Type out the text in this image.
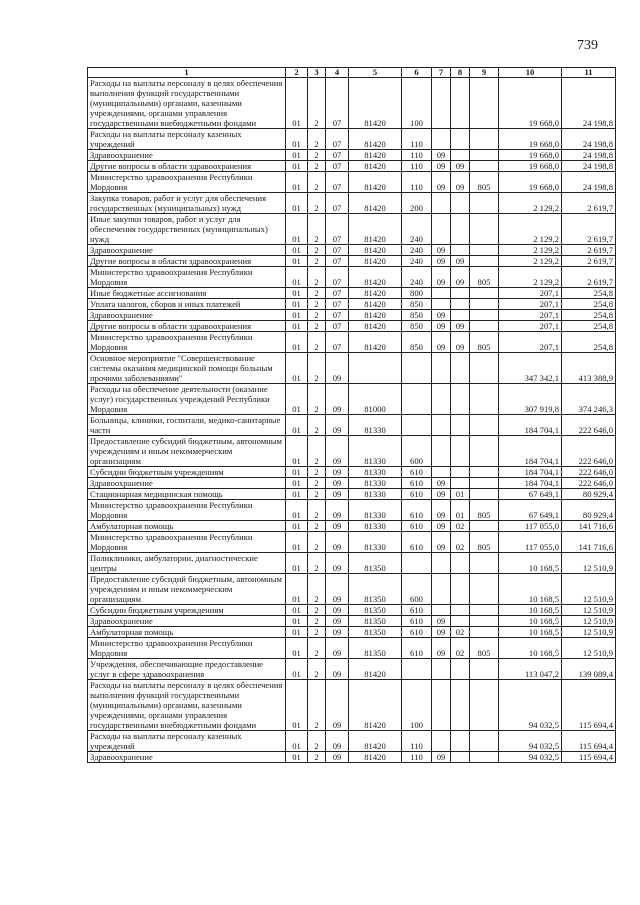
739
1	2	3	4	5	6	7	8	9	10	11
Расходы на выплаты персоналу в целях обеспечения выполнения функций государственными (муниципальными) органами, казенными учреждениями, органами управления государственными внебюджетными фондами	01	2	07	81420	100				19 668,0	24 198,8
Расходы на выплаты персоналу казенных учреждений	01	2	07	81420	110				19 668,0	24 198,8
Здравоохранение	01	2	07	81420	110	09			19 668,0	24 198,8
Другие вопросы в области здравоохранения	01	2	07	81420	110	09	09		19 668,0	24 198,8
Министерство здравоохранения Республики Мордовия	01	2	07	81420	110	09	09	805	19 668,0	24 198,8
Закупка товаров, работ и услуг для обеспечения государственных (муниципальных) нужд	01	2	07	81420	200				2 129,2	2 619,7
Иные закупки товаров, работ и услуг для обеспечения государственных (муниципальных) нужд	01	2	07	81420	240				2 129,2	2 619,7
Здравоохранение	01	2	07	81420	240	09			2 129,2	2 619,7
Другие вопросы в области здравоохранения	01	2	07	81420	240	09	09		2 129,2	2 619,7
Министерство здравоохранения Республики Мордовия	01	2	07	81420	240	09	09	805	2 129,2	2 619,7
Иные бюджетные ассигнования	01	2	07	81420	800				207,1	254,8
Уплата налогов, сборов и иных платежей	01	2	07	81420	850				207,1	254,8
Здравоохранение	01	2	07	81420	850	09			207,1	254,8
Другие вопросы в области здравоохранения	01	2	07	81420	850	09	09		207,1	254,8
Министерство здравоохранения Республики Мордовия	01	2	07	81420	850	09	09	805	207,1	254,8
Основное мероприятие "Совершенствование системы оказания медицинской помощи больным прочими заболеваниями"	01	2	09						347 342,1	413 388,9
Расходы на обеспечение деятельности (оказание услуг) государственных учреждений Республики Мордовия	01	2	09	81000					307 919,8	374 246,3
Больницы, клиники, госпитали, медико-санитарные части	01	2	09	81330					184 704,1	222 646,0
Предоставление субсидий бюджетным, автономным учреждениям и иным некоммерческим организациям	01	2	09	81330	600				184 704,1	222 646,0
Субсидии бюджетным учреждениям	01	2	09	81330	610				184 704,1	222 646,0
Здравоохранение	01	2	09	81330	610	09			184 704,1	222 646,0
Стационарная медицинская помощь	01	2	09	81330	610	09	01		67 649,1	80 929,4
Министерство здравоохранения Республики Мордовия	01	2	09	81330	610	09	01	805	67 649,1	80 929,4
Амбулаторная помощь	01	2	09	81330	610	09	02		117 055,0	141 716,6
Министерство здравоохранения Республики Мордовия	01	2	09	81330	610	09	02	805	117 055,0	141 716,6
Поликлиники, амбулатории, диагностические центры	01	2	09	81350					10 168,5	12 510,9
Предоставление субсидий бюджетным, автономным учреждениям и иным некоммерческим организациям	01	2	09	81350	600				10 168,5	12 510,9
Субсидии бюджетным учреждениям	01	2	09	81350	610				10 168,5	12 510,9
Здравоохранение	01	2	09	81350	610	09			10 168,5	12 510,9
Амбулаторная помощь	01	2	09	81350	610	09	02		10 168,5	12 510,9
Министерство здравоохранения Республики Мордовия	01	2	09	81350	610	09	02	805	10 168,5	12 510,9
Учреждения, обеспечивающие предоставление услуг в сфере здравоохранения	01	2	09	81420					113 047,2	139 089,4
Расходы на выплаты персоналу в целях обеспечения выполнения функций государственными (муниципальными) органами, казенными учреждениями, органами управления государственными внебюджетными фондами	01	2	09	81420	100				94 032,5	115 694,4
Расходы на выплаты персоналу казенных учреждений	01	2	09	81420	110				94 032,5	115 694,4
Здравоохранение	01	2	09	81420	110	09			94 032,5	115 694,4
